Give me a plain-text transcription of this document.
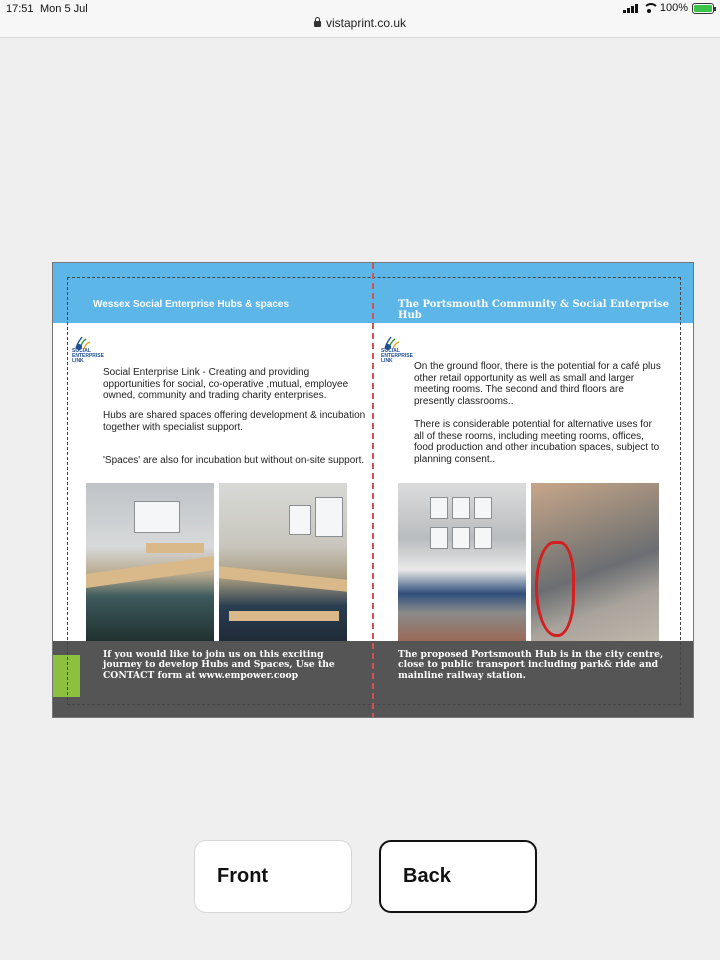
17:51 Mon 5 Jul	100%
vistaprint.co.uk
Wessex Social Enterprise Hubs & spaces
SOCIAL ENTERPRISE LINK
Social Enterprise Link - Creating and providing opportunities for social, co-operative ,mutual, employee owned, community and trading charity enterprises.
Hubs are shared spaces offering development & incubation together with specialist support.
'Spaces' are also for incubation but without on-site support.
If you would like to join us on this exciting journey to develop Hubs and Spaces, Use the CONTACT form at www.empower.coop
The Portsmouth Community & Social Enterprise Hub
SOCIAL ENTERPRISE LINK	On the ground floor, there is the potential for a café plus other retail opportunity as well as small and larger meeting rooms. The second and third floors are presently classrooms..
There is considerable potential for alternative uses for all of these rooms, including meeting rooms, offices, food production and other incubation spaces, subject to planning consent..
The proposed Portsmouth Hub is in the city centre, close to public transport including park& ride and mainline railway station.
Front	Back
